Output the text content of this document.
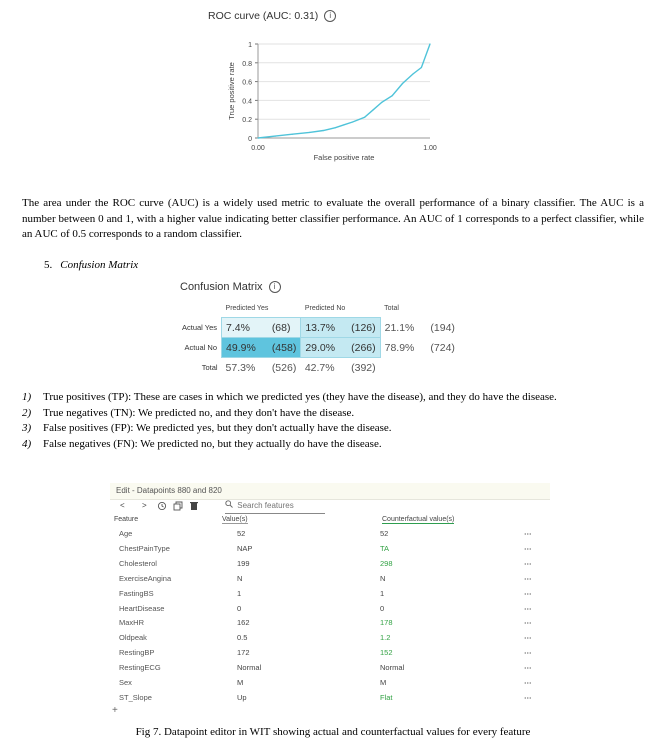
ROC curve (AUC: 0.31) i
1
0.8
0.6
0.4
0.2
0
0.00	1.00
False positive rate
True positive rate

The area under the ROC curve (AUC) is a widely used metric to evaluate the overall performance of a binary classifier. The AUC is a number between 0 and 1, with a higher value indicating better classifier performance. An AUC of 1 corresponds to a perfect classifier, while an AUC of 0.5 corresponds to a random classifier.

5. Confusion Matrix
Confusion Matrix i
	Predicted Yes		Predicted No		Total	
Actual Yes	7.4%	(68)	13.7%	(126)	21.1%	(194)
Actual No	49.9%	(458)	29.0%	(266)	78.9%	(724)
Total	57.3%	(526)	42.7%	(392)		
1) True positives (TP): These are cases in which we predicted yes (they have the disease), and they do have the disease.
2) True negatives (TN): We predicted no, and they don't have the disease.
3) False positives (FP): We predicted yes, but they don't actually have the disease.
4) False negatives (FN): We predicted no, but they actually do have the disease.
Edit - Datapoints 880 and 820
< >
Search features
Feature	Value(s)	Counterfactual value(s)
Age	52	52	⋯
ChestPainType	NAP	TA	⋯
Cholesterol	199	298	⋯
ExerciseAngina	N	N	⋯
FastingBS	1	1	⋯
HeartDisease	0	0	⋯
MaxHR	162	178	⋯
Oldpeak	0.5	1.2	⋯
RestingBP	172	152	⋯
RestingECG	Normal	Normal	⋯
Sex	M	M	⋯
ST_Slope	Up	Flat	⋯
+
Fig 7. Datapoint editor in WIT showing actual and counterfactual values for every feature
